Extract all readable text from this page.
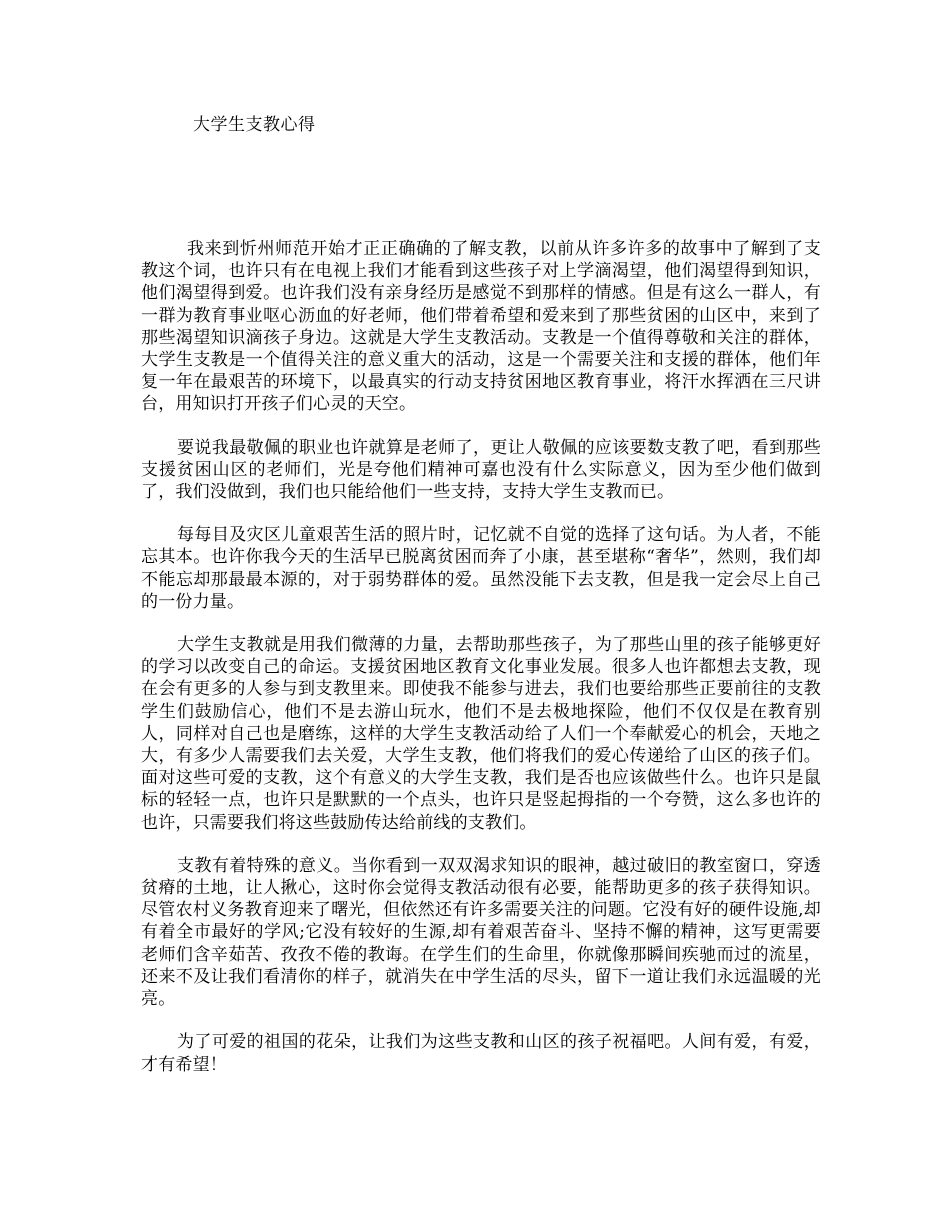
大学生支教心得

我来到忻州师范开始才正正确确的了解支教，以前从许多许多的故事中了解到了支教这个词，也许只有在电视上我们才能看到这些孩子对上学滴渴望，他们渴望得到知识，他们渴望得到爱。也许我们没有亲身经历是感觉不到那样的情感。但是有这么一群人，有一群为教育事业呕心沥血的好老师，他们带着希望和爱来到了那些贫困的山区中，来到了那些渴望知识滴孩子身边。这就是大学生支教活动。支教是一个值得尊敬和关注的群体，大学生支教是一个值得关注的意义重大的活动，这是一个需要关注和支援的群体，他们年复一年在最艰苦的环境下，以最真实的行动支持贫困地区教育事业，将汗水挥洒在三尺讲台，用知识打开孩子们心灵的天空。

要说我最敬佩的职业也许就算是老师了，更让人敬佩的应该要数支教了吧，看到那些支援贫困山区的老师们，光是夸他们精神可嘉也没有什么实际意义，因为至少他们做到了，我们没做到，我们也只能给他们一些支持，支持大学生支教而已。

每每目及灾区儿童艰苦生活的照片时，记忆就不自觉的选择了这句话。为人者，不能忘其本。也许你我今天的生活早已脱离贫困而奔了小康，甚至堪称“奢华”，然则，我们却不能忘却那最最本源的，对于弱势群体的爱。虽然没能下去支教，但是我一定会尽上自己的一份力量。

大学生支教就是用我们微薄的力量，去帮助那些孩子，为了那些山里的孩子能够更好的学习以改变自己的命运。支援贫困地区教育文化事业发展。很多人也许都想去支教，现在会有更多的人参与到支教里来。即使我不能参与进去，我们也要给那些正要前往的支教学生们鼓励信心，他们不是去游山玩水，他们不是去极地探险，他们不仅仅是在教育别人，同样对自己也是磨练，这样的大学生支教活动给了人们一个奉献爱心的机会，天地之大，有多少人需要我们去关爱，大学生支教，他们将我们的爱心传递给了山区的孩子们。面对这些可爱的支教，这个有意义的大学生支教，我们是否也应该做些什么。也许只是鼠标的轻轻一点，也许只是默默的一个点头，也许只是竖起拇指的一个夸赞，这么多也许的也许，只需要我们将这些鼓励传达给前线的支教们。

支教有着特殊的意义。当你看到一双双渴求知识的眼神，越过破旧的教室窗口，穿透贫瘠的土地，让人揪心，这时你会觉得支教活动很有必要，能帮助更多的孩子获得知识。尽管农村义务教育迎来了曙光，但依然还有许多需要关注的问题。它没有好的硬件设施,却有着全市最好的学风;它没有较好的生源,却有着艰苦奋斗、坚持不懈的精神，这写更需要老师们含辛茹苦、孜孜不倦的教诲。在学生们的生命里，你就像那瞬间疾驰而过的流星，还来不及让我们看清你的样子，就消失在中学生活的尽头，留下一道让我们永远温暖的光亮。

为了可爱的祖国的花朵，让我们为这些支教和山区的孩子祝福吧。人间有爱，有爱，才有希望！
